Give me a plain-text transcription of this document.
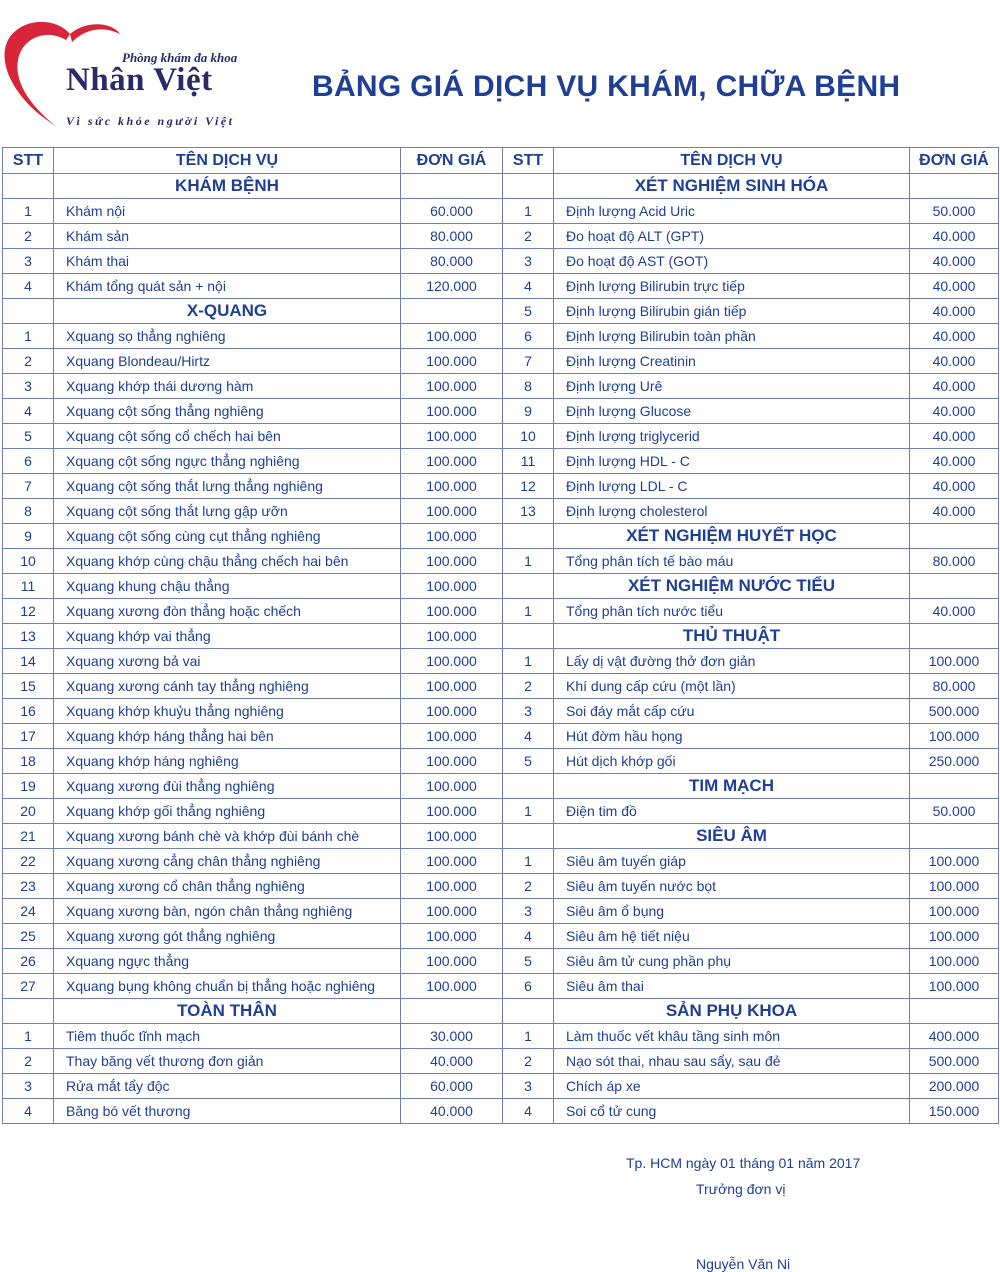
Phòng khám đa khoa
Nhân Việt
Vì sức khỏe người Việt
BẢNG GIÁ DỊCH VỤ KHÁM, CHỮA BỆNH
STT	TÊN DỊCH VỤ	ĐƠN GIÁ	STT	TÊN DỊCH VỤ	ĐƠN GIÁ
	KHÁM BỆNH			XÉT NGHIỆM SINH HÓA	
1	Khám nội	60.000	1	Định lượng Acid Uric	50.000
2	Khám sản	80.000	2	Đo hoạt độ ALT (GPT)	40.000
3	Khám thai	80.000	3	Đo hoạt độ AST (GOT)	40.000
4	Khám tổng quát sản + nội	120.000	4	Định lượng Bilirubin trực tiếp	40.000
	X-QUANG		5	Định lượng Bilirubin gián tiếp	40.000
1	Xquang sọ thẳng nghiêng	100.000	6	Định lượng Bilirubin toàn phần	40.000
2	Xquang Blondeau/Hirtz	100.000	7	Định lượng Creatinin	40.000
3	Xquang khớp thái dương hàm	100.000	8	Định lượng Urê	40.000
4	Xquang cột sống thẳng nghiêng	100.000	9	Định lượng Glucose	40.000
5	Xquang cột sống cổ chếch hai bên	100.000	10	Định lượng triglycerid	40.000
6	Xquang cột sống ngực thẳng nghiêng	100.000	11	Định lượng HDL - C	40.000
7	Xquang cột sống thắt lưng thẳng nghiêng	100.000	12	Định lượng LDL - C	40.000
8	Xquang cột sống thắt lưng gập ưỡn	100.000	13	Định lượng cholesterol	40.000
9	Xquang cột sống cùng cụt thẳng nghiêng	100.000		XÉT NGHIỆM HUYẾT HỌC	
10	Xquang khớp cùng chậu thẳng chếch hai bên	100.000	1	Tổng phân tích tế bào máu	80.000
11	Xquang khung chậu thẳng	100.000		XÉT NGHIỆM NƯỚC TIỂU	
12	Xquang xương đòn thẳng hoặc chếch	100.000	1	Tổng phân tích nước tiểu	40.000
13	Xquang khớp vai thẳng	100.000		THỦ THUẬT	
14	Xquang xương bả vai	100.000	1	Lấy dị vật đường thở đơn giản	100.000
15	Xquang xương cánh tay thẳng nghiêng	100.000	2	Khí dung cấp cứu (một lần)	80.000
16	Xquang khớp khuỷu thẳng nghiêng	100.000	3	Soi đáy mắt cấp cứu	500.000
17	Xquang khớp háng thẳng hai bên	100.000	4	Hút đờm hầu họng	100.000
18	Xquang khớp háng nghiêng	100.000	5	Hút dịch khớp gối	250.000
19	Xquang xương đùi thẳng nghiêng	100.000		TIM MẠCH	
20	Xquang khớp gối thẳng nghiêng	100.000	1	Điện tim đồ	50.000
21	Xquang xương bánh chè và khớp đùi bánh chè	100.000		SIÊU ÂM	
22	Xquang xương cẳng chân thẳng nghiêng	100.000	1	Siêu âm tuyến giáp	100.000
23	Xquang xương cổ chân thẳng nghiêng	100.000	2	Siêu âm tuyến nước bọt	100.000
24	Xquang xương bàn, ngón chân thẳng nghiêng	100.000	3	Siêu âm ổ bụng	100.000
25	Xquang xương gót thẳng nghiêng	100.000	4	Siêu âm hệ tiết niệu	100.000
26	Xquang ngực thẳng	100.000	5	Siêu âm tử cung phần phụ	100.000
27	Xquang bụng không chuẩn bị thẳng hoặc nghiêng	100.000	6	Siêu âm thai	100.000
	TOÀN THÂN			SẢN PHỤ KHOA	
1	Tiêm thuốc tĩnh mạch	30.000	1	Làm thuốc vết khâu tầng sinh môn	400.000
2	Thay băng vết thương đơn giản	40.000	2	Nạo sót thai, nhau sau sẩy, sau đẻ	500.000
3	Rửa mắt tẩy độc	60.000	3	Chích áp xe	200.000
4	Băng bó vết thương	40.000	4	Soi cổ tử cung	150.000
Tp. HCM ngày 01 tháng 01 năm 2017
Trưởng đơn vị
Nguyễn Văn Ni
